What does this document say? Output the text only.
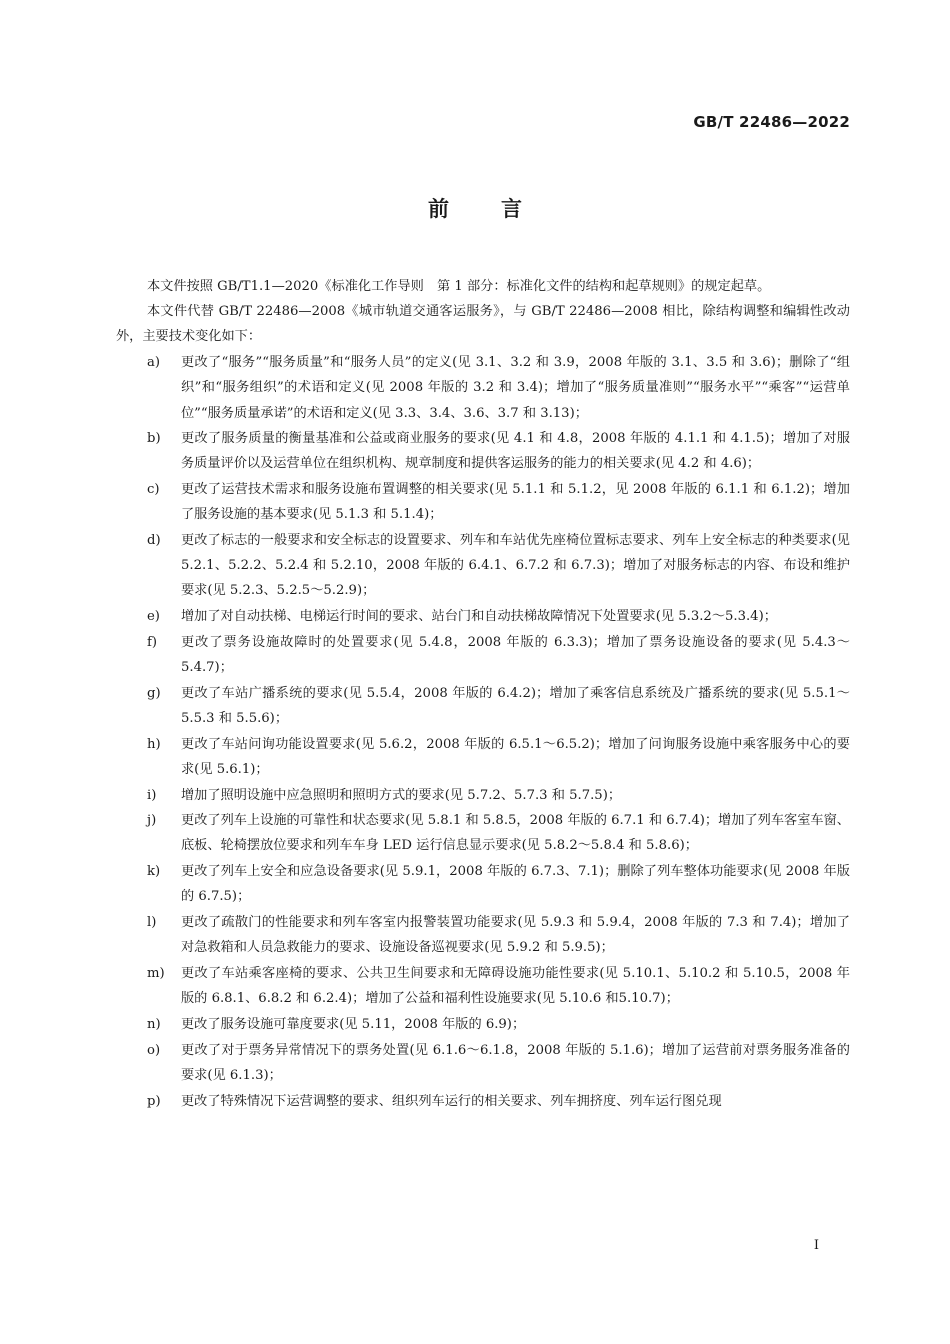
GB/T 22486—2022
前 言

本文件按照 GB/T1.1—2020《标准化工作导则　第 1 部分：标准化文件的结构和起草规则》的规定起草。

本文件代替 GB/T 22486—2008《城市轨道交通客运服务》，与 GB/T 22486—2008 相比，除结构调整和编辑性改动外，主要技术变化如下：

a) 更改了“服务”“服务质量”和“服务人员”的定义(见 3.1、3.2 和 3.9，2008 年版的 3.1、3.5 和 3.6)；删除了“组织”和“服务组织”的术语和定义(见 2008 年版的 3.2 和 3.4)；增加了“服务质量准则”“服务水平”“乘客”“运营单位”“服务质量承诺”的术语和定义(见 3.3、3.4、3.6、3.7 和 3.13)；
b) 更改了服务质量的衡量基准和公益或商业服务的要求(见 4.1 和 4.8，2008 年版的 4.1.1 和 4.1.5)；增加了对服务质量评价以及运营单位在组织机构、规章制度和提供客运服务的能力的相关要求(见 4.2 和 4.6)；
c) 更改了运营技术需求和服务设施布置调整的相关要求(见 5.1.1 和 5.1.2，见 2008 年版的 6.1.1 和 6.1.2)；增加了服务设施的基本要求(见 5.1.3 和 5.1.4)；
d) 更改了标志的一般要求和安全标志的设置要求、列车和车站优先座椅位置标志要求、列车上安全标志的种类要求(见 5.2.1、5.2.2、5.2.4 和 5.2.10，2008 年版的 6.4.1、6.7.2 和 6.7.3)；增加了对服务标志的内容、布设和维护要求(见 5.2.3、5.2.5～5.2.9)；
e) 增加了对自动扶梯、电梯运行时间的要求、站台门和自动扶梯故障情况下处置要求(见 5.3.2～5.3.4)；
f) 更改了票务设施故障时的处置要求(见 5.4.8，2008 年版的 6.3.3)；增加了票务设施设备的要求(见 5.4.3～5.4.7)；
g) 更改了车站广播系统的要求(见 5.5.4，2008 年版的 6.4.2)；增加了乘客信息系统及广播系统的要求(见 5.5.1～5.5.3 和 5.5.6)；
h) 更改了车站问询功能设置要求(见 5.6.2，2008 年版的 6.5.1～6.5.2)；增加了问询服务设施中乘客服务中心的要求(见 5.6.1)；
i) 增加了照明设施中应急照明和照明方式的要求(见 5.7.2、5.7.3 和 5.7.5)；
j) 更改了列车上设施的可靠性和状态要求(见 5.8.1 和 5.8.5，2008 年版的 6.7.1 和 6.7.4)；增加了列车客室车窗、底板、轮椅摆放位要求和列车车身 LED 运行信息显示要求(见 5.8.2～5.8.4 和 5.8.6)；
k) 更改了列车上安全和应急设备要求(见 5.9.1，2008 年版的 6.7.3、7.1)；删除了列车整体功能要求(见 2008 年版的 6.7.5)；
l) 更改了疏散门的性能要求和列车客室内报警装置功能要求(见 5.9.3 和 5.9.4，2008 年版的 7.3 和 7.4)；增加了对急救箱和人员急救能力的要求、设施设备巡视要求(见 5.9.2 和 5.9.5)；
m) 更改了车站乘客座椅的要求、公共卫生间要求和无障碍设施功能性要求(见 5.10.1、5.10.2 和 5.10.5，2008 年版的 6.8.1、6.8.2 和 6.2.4)；增加了公益和福利性设施要求(见 5.10.6 和5.10.7)；
n) 更改了服务设施可靠度要求(见 5.11，2008 年版的 6.9)；
o) 更改了对于票务异常情况下的票务处置(见 6.1.6～6.1.8，2008 年版的 5.1.6)；增加了运营前对票务服务准备的要求(见 6.1.3)；
p) 更改了特殊情况下运营调整的要求、组织列车运行的相关要求、列车拥挤度、列车运行图兑现
I
